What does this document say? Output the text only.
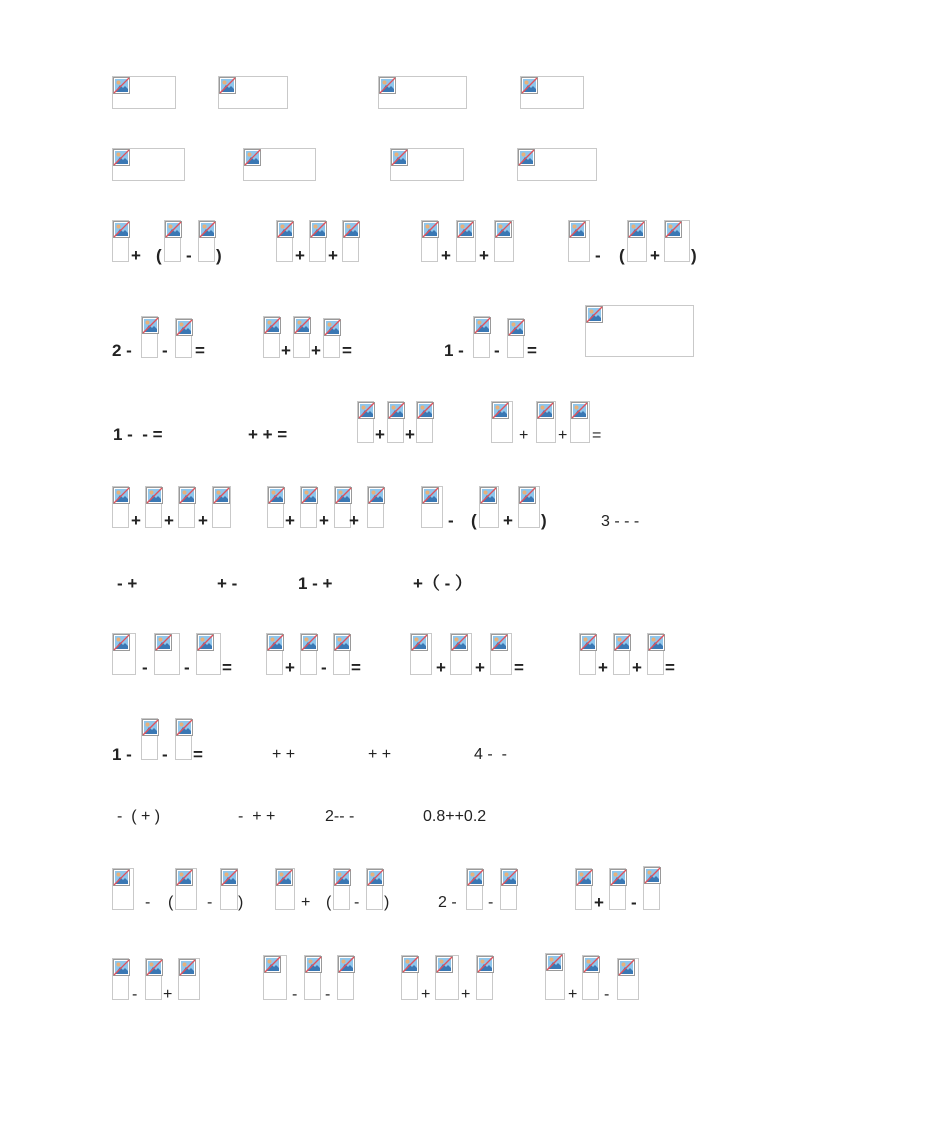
+ ( - )	+ +	+ +	- ( + )
2 - - =	+ + =	1 - - =
1 -  - =	+ + =	+ +	+ + =
+ + +	+ + +	- ( + )	3 - - -
- +	+ -	1 - +	+（ - ）
- - =	+ - =	+ + =	+ + =
1 - - =	+ +	+ +	4 -  -
-  ( + )	-  + +	2-- -	0.8++0.2
- ( - )	+ ( - )	2 - -	+ -
- +	- -	+ +	+ -
